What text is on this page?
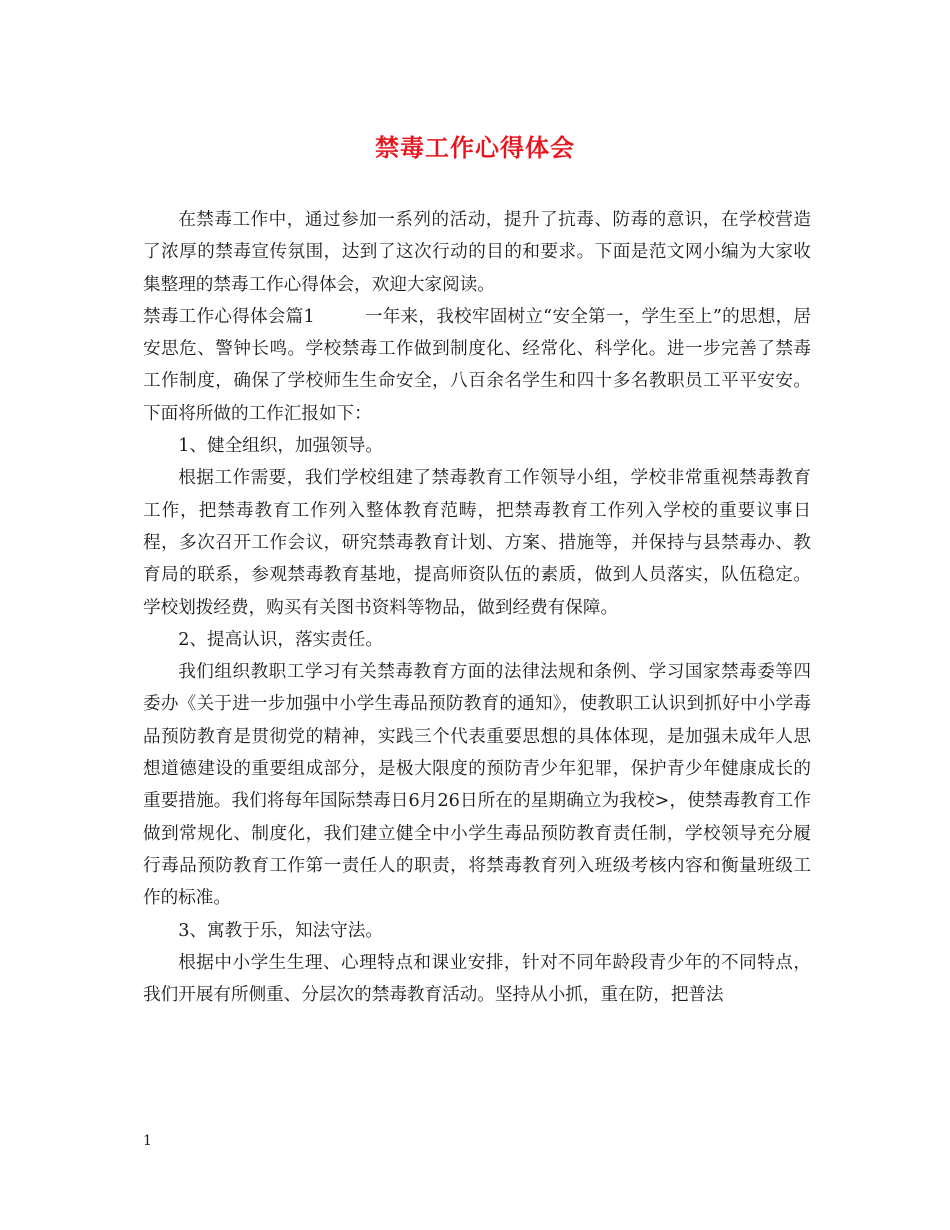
禁毒工作心得体会

在禁毒工作中，通过参加一系列的活动，提升了抗毒、防毒的意识，在学校营造了浓厚的禁毒宣传氛围，达到了这次行动的目的和要求。下面是范文网小编为大家收集整理的禁毒工作心得体会，欢迎大家阅读。

禁毒工作心得体会篇1	一年来，我校牢固树立“安全第一，学生至上”的思想，居安思危、警钟长鸣。学校禁毒工作做到制度化、经常化、科学化。进一步完善了禁毒工作制度，确保了学校师生生命安全，八百余名学生和四十多名教职员工平平安安。下面将所做的工作汇报如下：

1、健全组织，加强领导。

根据工作需要，我们学校组建了禁毒教育工作领导小组，学校非常重视禁毒教育工作，把禁毒教育工作列入整体教育范畴，把禁毒教育工作列入学校的重要议事日程，多次召开工作会议，研究禁毒教育计划、方案、措施等，并保持与县禁毒办、教育局的联系，参观禁毒教育基地，提高师资队伍的素质，做到人员落实，队伍稳定。学校划拨经费，购买有关图书资料等物品，做到经费有保障。

2、提高认识，落实责任。

我们组织教职工学习有关禁毒教育方面的法律法规和条例、学习国家禁毒委等四委办《关于进一步加强中小学生毒品预防教育的通知》，使教职工认识到抓好中小学毒品预防教育是贯彻党的精神，实践三个代表重要思想的具体体现，是加强未成年人思想道德建设的重要组成部分，是极大限度的预防青少年犯罪，保护青少年健康成长的重要措施。我们将每年国际禁毒日6月26日所在的星期确立为我校>，使禁毒教育工作做到常规化、制度化，我们建立健全中小学生毒品预防教育责任制，学校领导充分履行毒品预防教育工作第一责任人的职责，将禁毒教育列入班级考核内容和衡量班级工作的标准。

3、寓教于乐，知法守法。

根据中小学生生理、心理特点和课业安排，针对不同年龄段青少年的不同特点，我们开展有所侧重、分层次的禁毒教育活动。坚持从小抓，重在防，把普法

1
